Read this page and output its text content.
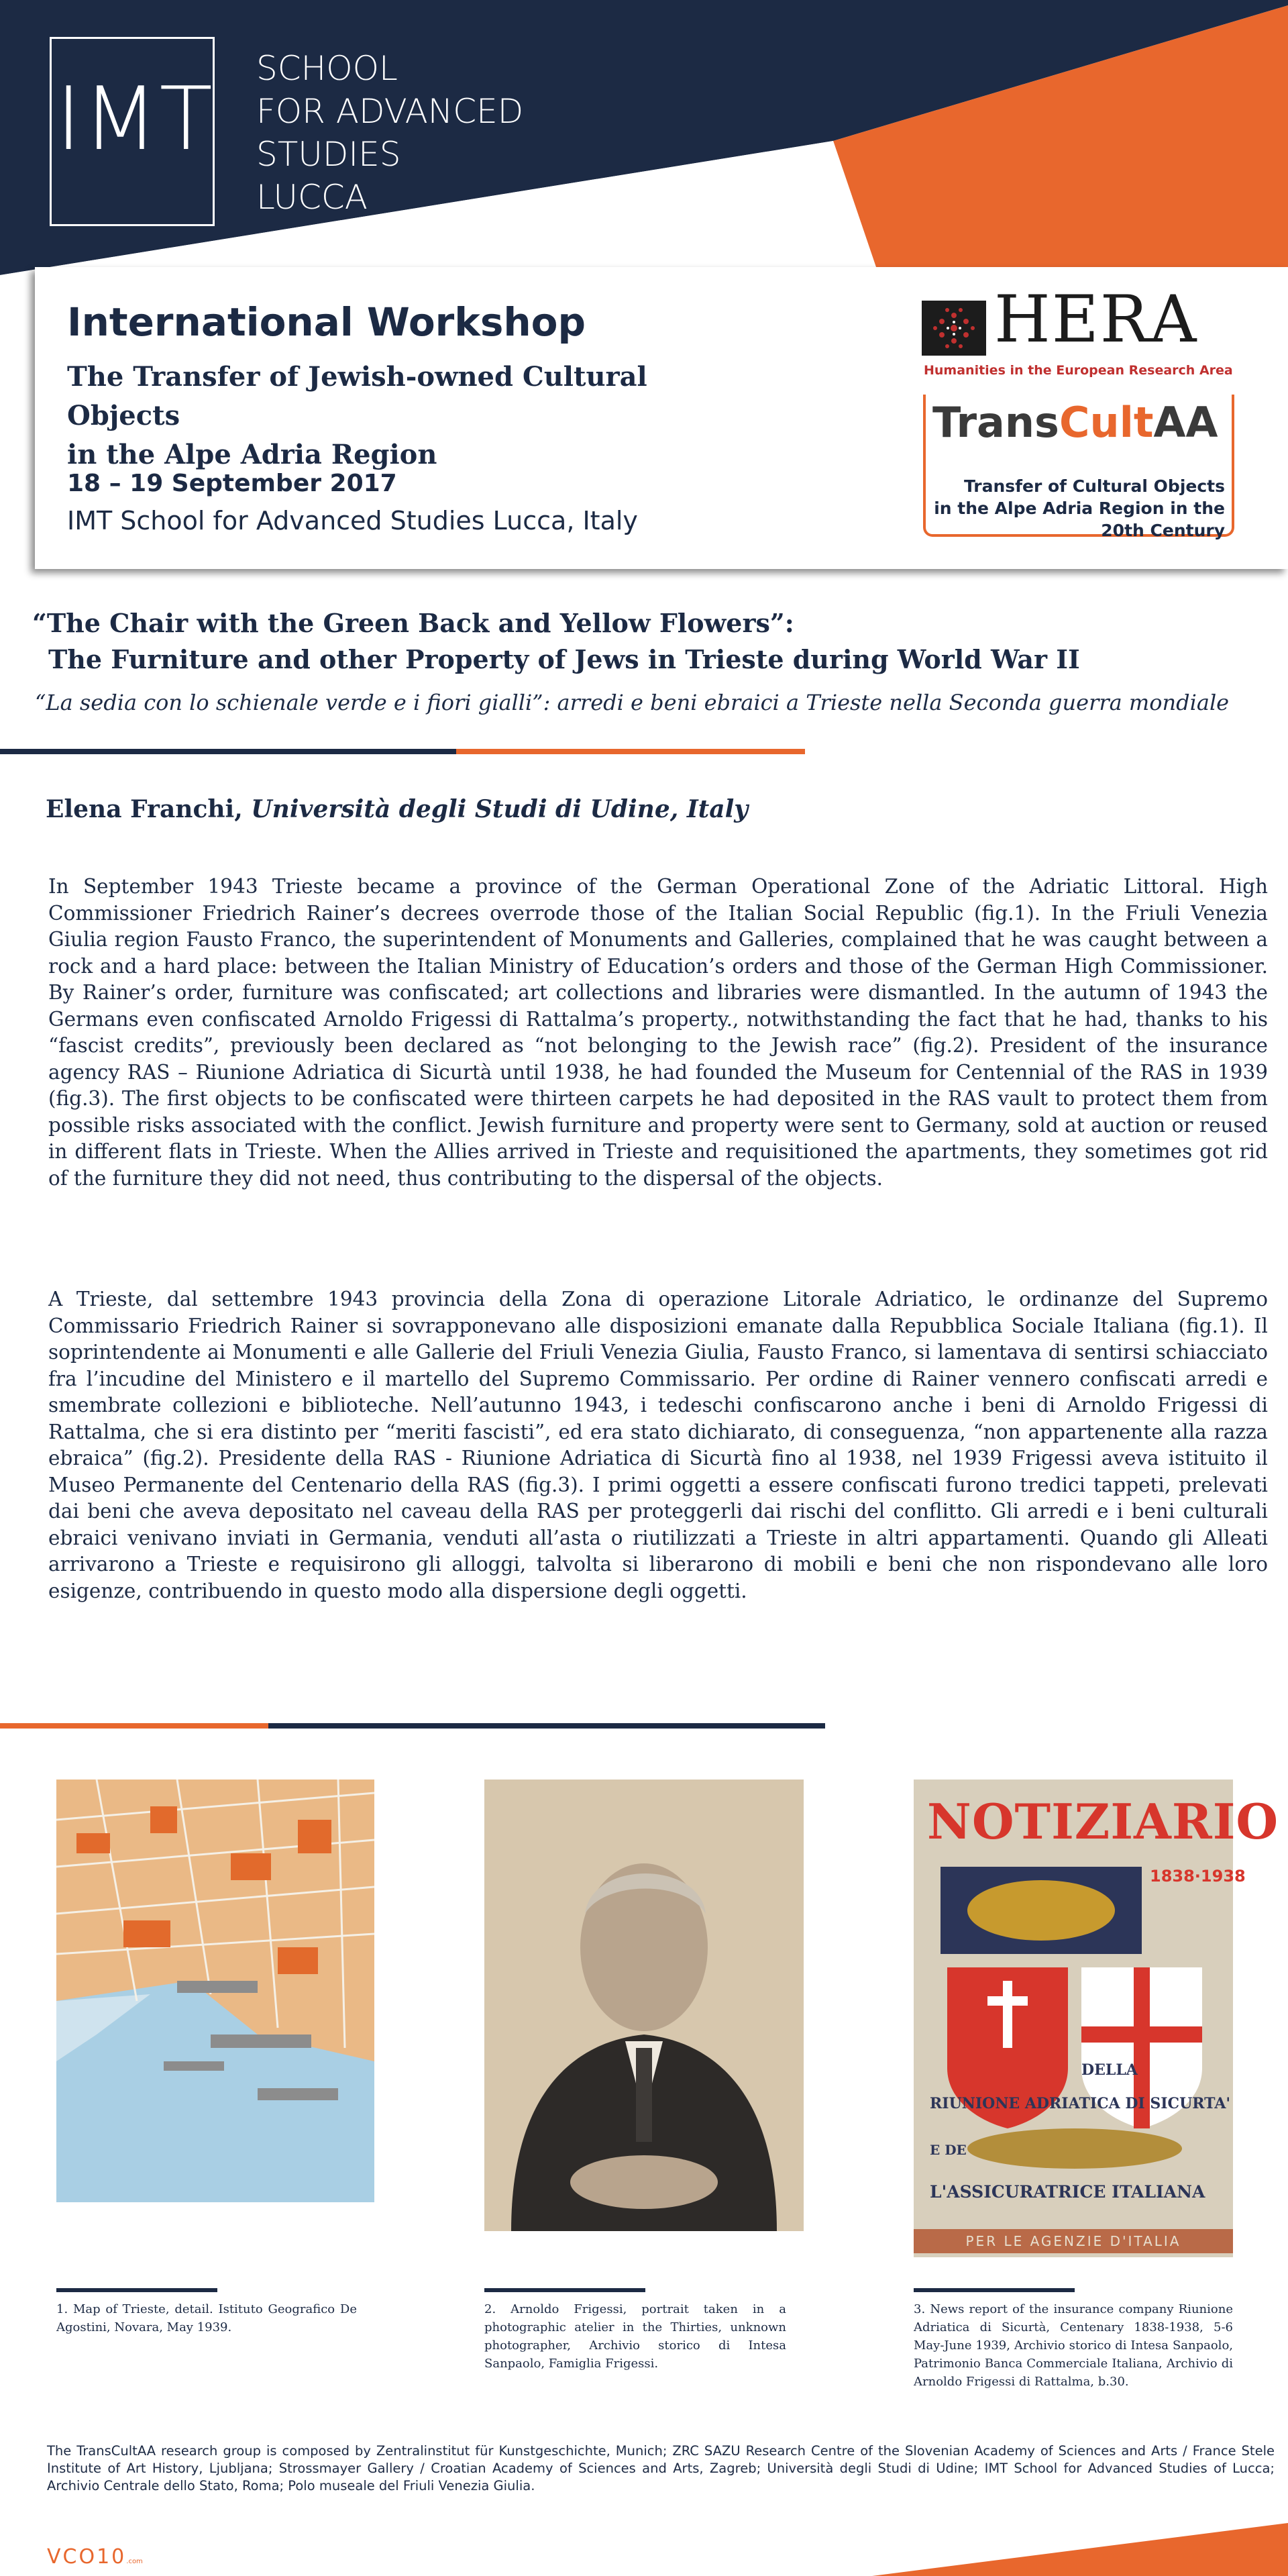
IMT	SCHOOL
FOR ADVANCED
STUDIES
LUCCA
International Workshop
The Transfer of Jewish-owned Cultural Objects
in the Alpe Adria Region
18 – 19 September 2017
IMT School for Advanced Studies Lucca, Italy
HERA
Humanities in the European Research Area
TransCultAA
Transfer of Cultural Objects
in the Alpe Adria Region in the
20th Century
“The Chair with the Green Back and Yellow Flowers”:
The Furniture and other Property of Jews in Trieste during World War II
“La sedia con lo schienale verde e i fiori gialli”: arredi e beni ebraici a Trieste nella Seconda guerra mondiale
Elena Franchi, Università degli Studi di Udine, Italy
In September 1943 Trieste became a province of the German Operational Zone of the Adriatic Littoral. High Commissioner Friedrich Rainer’s decrees overrode those of the Italian Social Republic (fig.1). In the Friuli Venezia Giulia region Fausto Franco, the superintendent of Monuments and Galleries, complained that he was caught between a rock and a hard place: between the Italian Ministry of Education’s orders and those of the German High Commissioner. By Rainer’s order, furniture was confiscated; art collections and libraries were dismantled. In the autumn of 1943 the Germans even confiscated Arnoldo Frigessi di Rattalma’s property., notwithstanding the fact that he had, thanks to his “fascist credits”, previously been declared as “not belonging to the Jewish race” (fig.2). President of the insurance agency RAS – Riunione Adriatica di Sicurtà until 1938, he had founded the Museum for Centennial of the RAS in 1939 (fig.3). The first objects to be confiscated were thirteen carpets he had deposited in the RAS vault to protect them from possible risks associated with the conflict. Jewish furniture and property were sent to Germany, sold at auction or reused in different flats in Trieste. When the Allies arrived in Trieste and requisitioned the apartments, they sometimes got rid of the furniture they did not need, thus contributing to the dispersal of the objects.
A Trieste, dal settembre 1943 provincia della Zona di operazione Litorale Adriatico, le ordinanze del Supremo Commissario Friedrich Rainer si sovrapponevano alle disposizioni emanate dalla Repubblica Sociale Italiana (fig.1). Il soprintendente ai Monumenti e alle Gallerie del Friuli Venezia Giulia, Fausto Franco, si lamentava di sentirsi schiacciato fra l’incudine del Ministero e il martello del Supremo Commissario. Per ordine di Rainer vennero confiscati arredi e smembrate collezioni e biblioteche. Nell’autunno 1943, i tedeschi confiscarono anche i beni di Arnoldo Frigessi di Rattalma, che si era distinto per “meriti fascisti”, ed era stato dichiarato, di conseguenza, “non appartenente alla razza ebraica” (fig.2). Presidente della RAS - Riunione Adriatica di Sicurtà fino al 1938, nel 1939 Frigessi aveva istituito il Museo Permanente del Centenario della RAS (fig.3). I primi oggetti a essere confiscati furono tredici tappeti, prelevati dai beni che aveva depositato nel caveau della RAS per proteggerli dai rischi del conflitto. Gli arredi e i beni culturali ebraici venivano inviati in Germania, venduti all’asta o riutilizzati a Trieste in altri appartamenti. Quando gli Alleati arrivarono a Trieste e requisirono gli alloggi, talvolta si liberarono di mobili e beni che non rispondevano alle loro esigenze, contribuendo in questo modo alla dispersione degli oggetti.
1. Map of Trieste, detail. Istituto Geografico De Agostini, Novara, May 1939.
2. Arnoldo Frigessi, portrait taken in a photographic atelier in the Thirties, unknown photographer, Archivio storico di Intesa Sanpaolo, Famiglia Frigessi.
NOTIZIARIO
1838·1938
DELLA
RIUNIONE ADRIATICA DI SICURTA'
E DE
L'ASSICURATRICE ITALIANA
PER LE AGENZIE D'ITALIA
3. News report of the insurance company Riunione Adriatica di Sicurtà, Centenary 1838-1938, 5-6 May-June 1939, Archivio storico di Intesa Sanpaolo, Patrimonio Banca Commerciale Italiana, Archivio di Arnoldo Frigessi di Rattalma, b.30.
The TransCultAA research group is composed by Zentralinstitut für Kunstgeschichte, Munich; ZRC SAZU Research Centre of the Slovenian Academy of Sciences and Arts / France Stele Institute of Art History, Ljubljana; Strossmayer Gallery / Croatian Academy of Sciences and Arts, Zagreb; Università degli Studi di Udine; IMT School for Advanced Studies of Lucca; Archivio Centrale dello Stato, Roma; Polo museale del Friuli Venezia Giulia.
VCO10.com
